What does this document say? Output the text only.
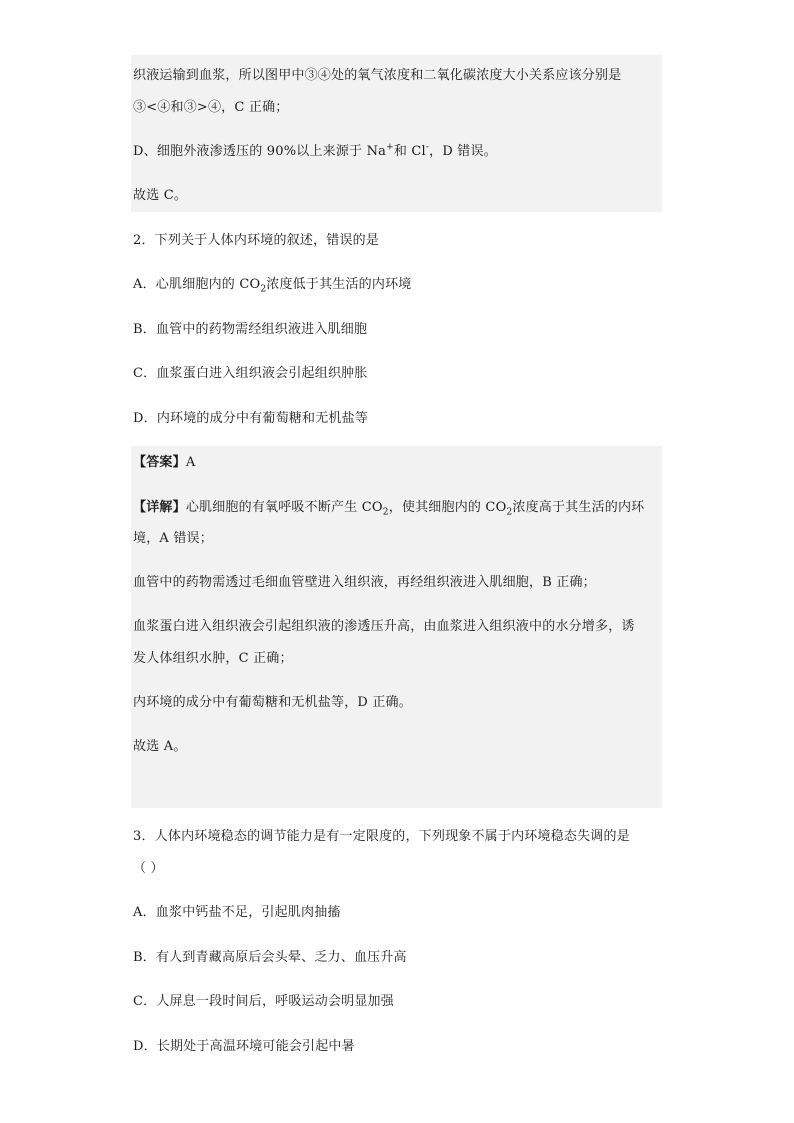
织液运输到血浆，所以图甲中③④处的氧气浓度和二氧化碳浓度大小关系应该分别是
③<④和③>④，C 正确；
D、细胞外液渗透压的 90%以上来源于 Na+和 Cl-，D 错误。
故选 C。
2．下列关于人体内环境的叙述，错误的是
A．心肌细胞内的 $CO_2$浓度低于其生活的内环境
B．血管中的药物需经组织液进入肌细胞
C．血浆蛋白进入组织液会引起组织肿胀
D．内环境的成分中有葡萄糖和无机盐等
【答案】A
【详解】心肌细胞的有氧呼吸不断产生 $CO_2$，使其细胞内的 $CO_2$浓度高于其生活的内环
境，A 错误；
血管中的药物需透过毛细血管壁进入组织液，再经组织液进入肌细胞，B 正确；
血浆蛋白进入组织液会引起组织液的渗透压升高，由血浆进入组织液中的水分增多，诱
发人体组织水肿，C 正确；
内环境的成分中有葡萄糖和无机盐等，D 正确。
故选 A。
3．人体内环境稳态的调节能力是有一定限度的，下列现象不属于内环境稳态失调的是
（ ）
A．血浆中钙盐不足，引起肌肉抽搐
B．有人到青藏高原后会头晕、乏力、血压升高
C．人屏息一段时间后，呼吸运动会明显加强
D．长期处于高温环境可能会引起中暑
